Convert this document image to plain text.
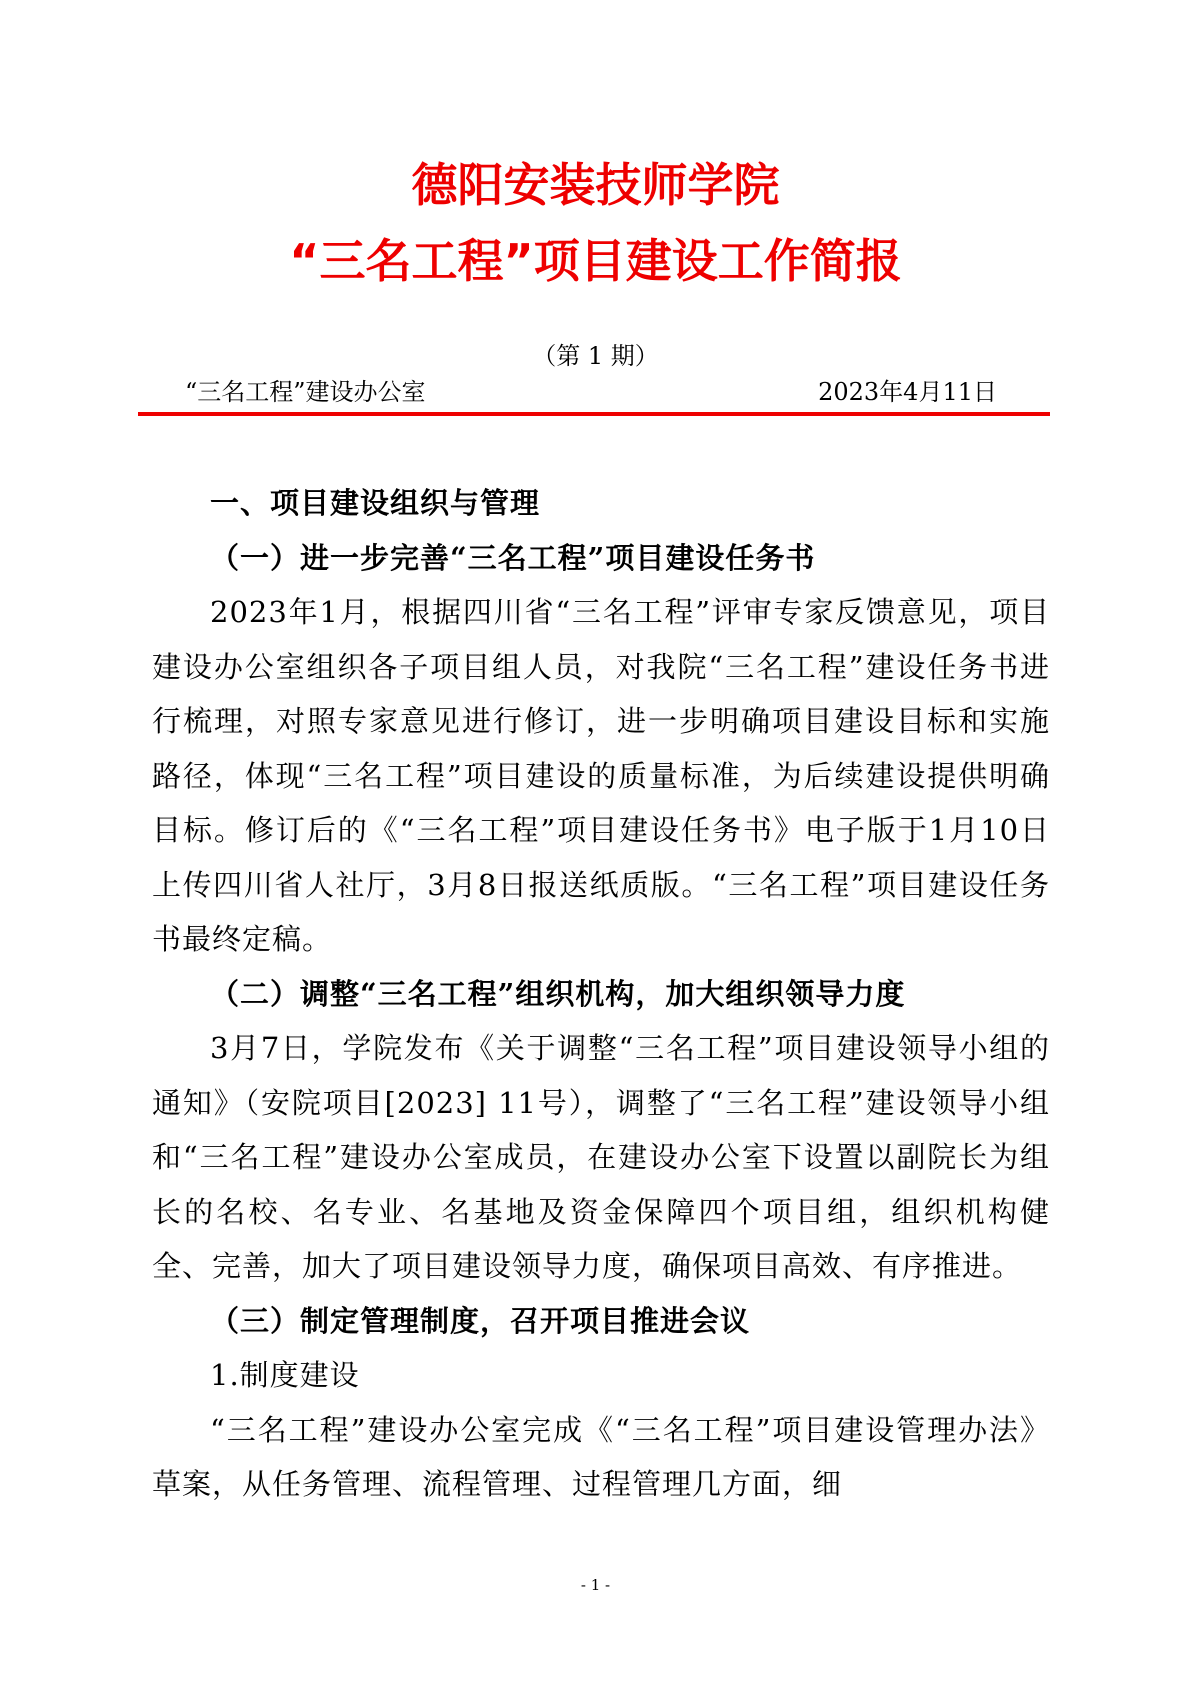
德阳安装技师学院
“三名工程”项目建设工作简报
（第 1 期）
“三名工程”建设办公室	2023年4月11日

一、项目建设组织与管理

（一）进一步完善“三名工程”项目建设任务书

2023年1月，根据四川省“三名工程”评审专家反馈意见，项目建设办公室组织各子项目组人员，对我院“三名工程”建设任务书进行梳理，对照专家意见进行修订，进一步明确项目建设目标和实施路径，体现“三名工程”项目建设的质量标准，为后续建设提供明确目标。修订后的《“三名工程”项目建设任务书》电子版于1月10日上传四川省人社厅，3月8日报送纸质版。“三名工程”项目建设任务书最终定稿。

（二）调整“三名工程”组织机构，加大组织领导力度

3月7日，学院发布《关于调整“三名工程”项目建设领导小组的通知》（安院项目[2023] 11号），调整了“三名工程”建设领导小组和“三名工程”建设办公室成员，在建设办公室下设置以副院长为组长的名校、名专业、名基地及资金保障四个项目组，组织机构健全、完善，加大了项目建设领导力度，确保项目高效、有序推进。

（三）制定管理制度，召开项目推进会议

1.制度建设

“三名工程”建设办公室完成《“三名工程”项目建设管理办法》草案，从任务管理、流程管理、过程管理几方面，细

- 1 -
